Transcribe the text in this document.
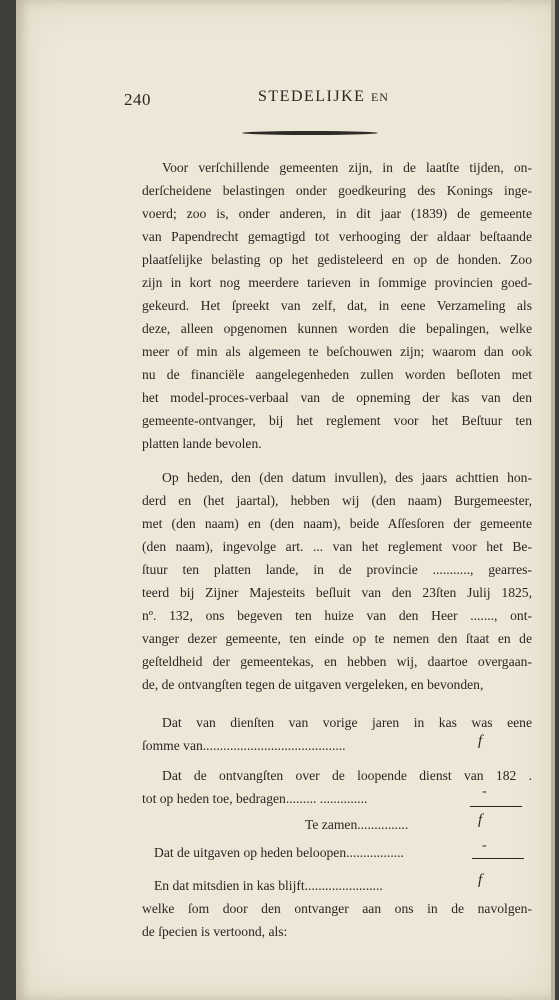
240	STEDELIJKE EN
Voor verſchillende gemeenten zijn, in de laatſte tijden, on-
derſcheidene belastingen onder goedkeuring des Konings inge-
voerd; zoo is, onder anderen, in dit jaar (1839) de gemeente
van Papendrecht gemagtigd tot verhooging der aldaar beſtaande
plaatſelijke belasting op het gedisteleerd en op de honden. Zoo
zijn in kort nog meerdere tarieven in ſommige provincien goed-
gekeurd. Het ſpreekt van zelf, dat, in eene Verzameling als
deze, alleen opgenomen kunnen worden die bepalingen, welke
meer of min als algemeen te beſchouwen zijn; waarom dan ook
nu de financiële aangelegenheden zullen worden beſloten met
het model-proces-verbaal van de opneming der kas van den
gemeente-ontvanger, bij het reglement voor het Beſtuur ten
platten lande bevolen.
Op heden, den (den datum invullen), des jaars achttien hon-
derd en (het jaartal), hebben wij (den naam) Burgemeester,
met (den naam) en (den naam), beide Aſſesſoren der gemeente
(den naam), ingevolge art. ... van het reglement voor het Be-
ſtuur ten platten lande, in de provincie ..........., gearres-
teerd bij Zijner Majesteits beſluit van den 23ſten Julij 1825,
nº. 132, ons begeven ten huize van den Heer ......., ont-
vanger dezer gemeente, ten einde op te nemen den ſtaat en de
geſteldheid der gemeentekas, en hebben wij, daartoe overgaan-
de, de ontvangſten tegen de uitgaven vergeleken, en bevonden,
Dat van dienſten van vorige jaren in kas was eene
ſomme van..........................................	f
Dat de ontvangſten over de loopende dienst van 182 .
tot op heden toe, bedragen......... ..............	-
Te zamen...............	f
Dat de uitgaven op heden beloopen.................	-
En dat mitsdien in kas blijft.......................	f
welke ſom door den ontvanger aan ons in de navolgen-
de ſpecien is vertoond, als:
